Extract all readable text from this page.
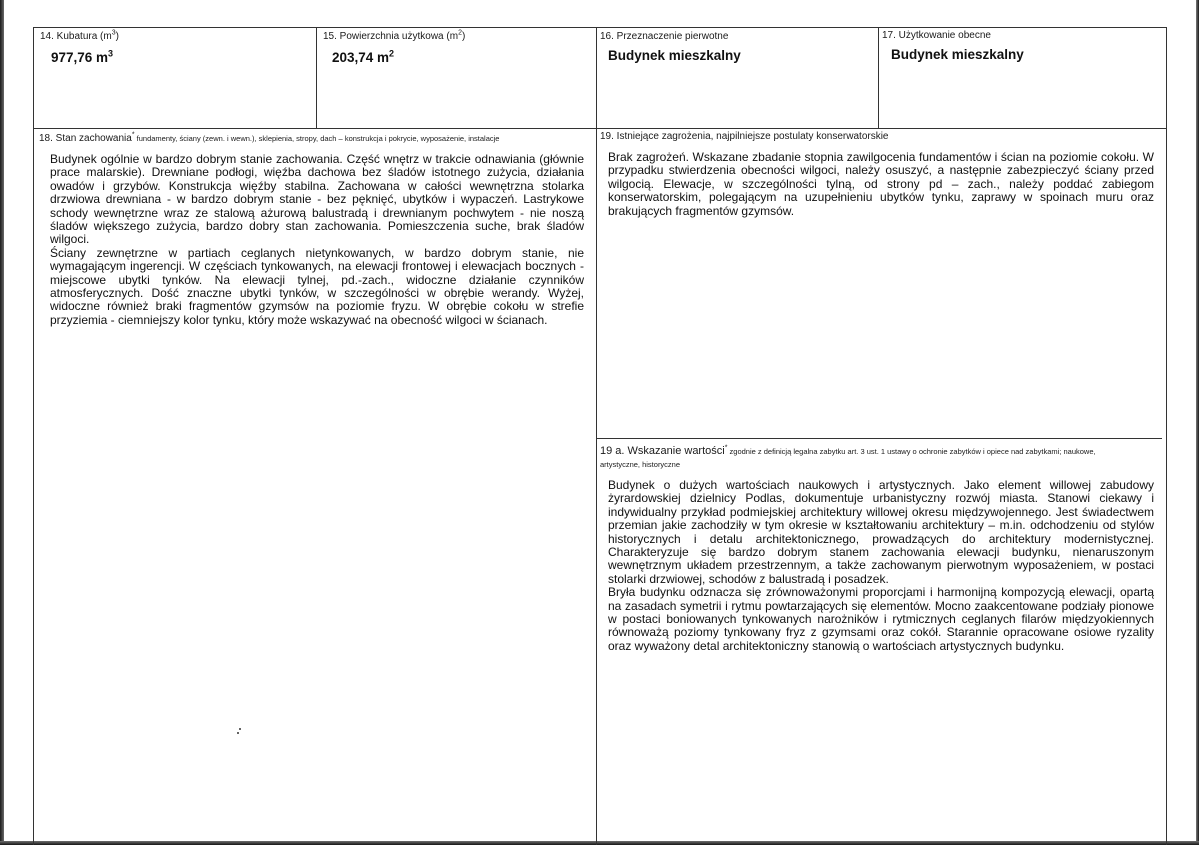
14. Kubatura $(m^3)$
977,76 $m^3$
15. Powierzchnia użytkowa $(m^2)$
203,74 $m^2$
16. Przeznaczenie pierwotne
Budynek mieszkalny
17. Użytkowanie obecne
Budynek mieszkalny
18. Stan zachowania* fundamenty, ściany (zewn. i wewn.), sklepienia, stropy, dach – konstrukcja i pokrycie, wyposażenie, instalacje

Budynek ogólnie w bardzo dobrym stanie zachowania. Część wnętrz w trakcie odnawiania (głównie prace malarskie). Drewniane podłogi, więźba dachowa bez śladów istotnego zużycia, działania owadów i grzybów. Konstrukcja więźby stabilna. Zachowana w całości wewnętrzna stolarka drzwiowa drewniana - w bardzo dobrym stanie - bez pęknięć, ubytków i wypaczeń. Lastrykowe schody wewnętrzne wraz ze stalową ażurową balustradą i drewnianym pochwytem - nie noszą śladów większego zużycia, bardzo dobry stan zachowania. Pomieszczenia suche, brak śladów wilgoci.

Ściany zewnętrzne w partiach ceglanych nietynkowanych, w bardzo dobrym stanie, nie wymagającym ingerencji. W częściach tynkowanych, na elewacji frontowej i elewacjach bocznych - miejscowe ubytki tynków. Na elewacji tylnej, pd.-zach., widoczne działanie czynników atmosferycznych. Dość znaczne ubytki tynków, w szczególności w obrębie werandy. Wyżej, widoczne również braki fragmentów gzymsów na poziomie fryzu. W obrębie cokołu w strefie przyziemia - ciemniejszy kolor tynku, który może wskazywać na obecność wilgoci w ścianach.

19. Istniejące zagrożenia, najpilniejsze postulaty konserwatorskie

Brak zagrożeń. Wskazane zbadanie stopnia zawilgocenia fundamentów i ścian na poziomie cokołu. W przypadku stwierdzenia obecności wilgoci, należy osuszyć, a następnie zabezpieczyć ściany przed wilgocią. Elewacje, w szczególności tylną, od strony pd – zach., należy poddać zabiegom konserwatorskim, polegającym na uzupełnieniu ubytków tynku, zaprawy w spoinach muru oraz brakujących fragmentów gzymsów.

19 a. Wskazanie wartości* zgodnie z definicją legalna zabytku art. 3 ust. 1 ustawy o ochronie zabytków i opiece nad zabytkami; naukowe,
artystyczne, historyczne

Budynek o dużych wartościach naukowych i artystycznych. Jako element willowej zabudowy żyrardowskiej dzielnicy Podlas, dokumentuje urbanistyczny rozwój miasta. Stanowi ciekawy i indywidualny przykład podmiejskiej architektury willowej okresu międzywojennego. Jest świadectwem przemian jakie zachodziły w tym okresie w kształtowaniu architektury – m.in. odchodzeniu od stylów historycznych i detalu architektonicznego, prowadzących do architektury modernistycznej. Charakteryzuje się bardzo dobrym stanem zachowania elewacji budynku, nienaruszonym wewnętrznym układem przestrzennym, a także zachowanym pierwotnym wyposażeniem, w postaci stolarki drzwiowej, schodów z balustradą i posadzek.

Bryła budynku odznacza się zrównoważonymi proporcjami i harmonijną kompozycją elewacji, opartą na zasadach symetrii i rytmu powtarzających się elementów. Mocno zaakcentowane podziały pionowe w postaci boniowanych tynkowanych narożników i rytmicznych ceglanych filarów międzyokiennych równoważą poziomy tynkowany fryz z gzymsami oraz cokół. Starannie opracowane osiowe ryzality oraz wyważony detal architektoniczny stanowią o wartościach artystycznych budynku.
